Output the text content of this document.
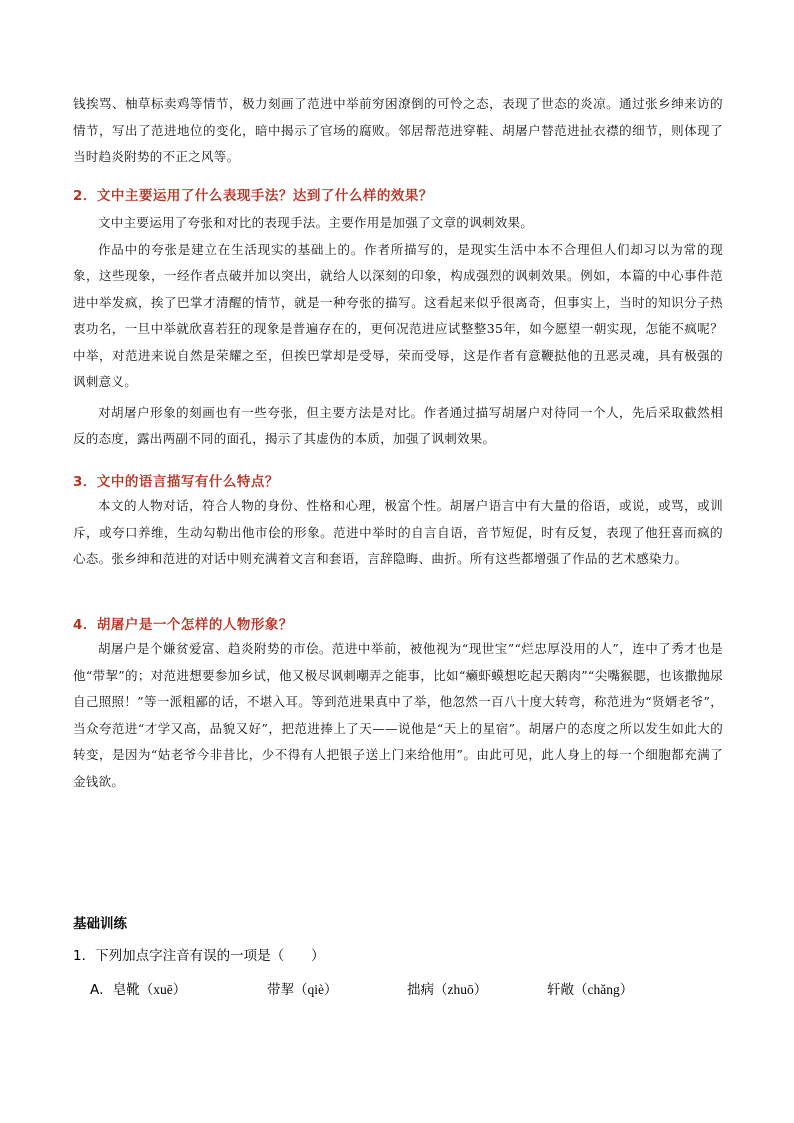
钱挨骂、柚草标卖鸡等情节，极力刻画了范进中举前穷困潦倒的可怜之态，表现了世态的炎凉。通过张乡绅来访的情节，写出了范进地位的变化，暗中揭示了官场的腐败。邻居帮范进穿鞋、胡屠户替范进扯衣襟的细节，则体现了当时趋炎附势的不正之风等。

2．文中主要运用了什么表现手法？达到了什么样的效果？

文中主要运用了夸张和对比的表现手法。主要作用是加强了文章的讽刺效果。

作品中的夸张是建立在生活现实的基础上的。作者所描写的，是现实生活中本不合理但人们却习以为常的现象，这些现象，一经作者点破并加以突出，就给人以深刻的印象，构成强烈的讽刺效果。例如，本篇的中心事件范进中举发疯，挨了巴掌才清醒的情节，就是一种夸张的描写。这看起来似乎很离奇，但事实上，当时的知识分子热衷功名，一旦中举就欣喜若狂的现象是普遍存在的，更何况范进应试整整35年，如今愿望一朝实现，怎能不疯呢？中举，对范进来说自然是荣耀之至，但挨巴掌却是受辱，荣而受辱，这是作者有意鞭挞他的丑恶灵魂，具有极强的讽刺意义。

对胡屠户形象的刻画也有一些夸张，但主要方法是对比。作者通过描写胡屠户对待同一个人，先后采取截然相反的态度，露出两副不同的面孔，揭示了其虚伪的本质，加强了讽刺效果。

3．文中的语言描写有什么特点？

本文的人物对话，符合人物的身份、性格和心理，极富个性。胡屠户语言中有大量的俗语，或说，或骂，或训斥，或夸口养维，生动勾勒出他市侩的形象。范进中举时的自言自语，音节短促，时有反复，表现了他狂喜而疯的心态。张乡绅和范进的对话中则充满着文言和套语，言辞隐晦、曲折。所有这些都增强了作品的艺术感染力。

4．胡屠户是一个怎样的人物形象？

胡屠户是个嫌贫爱富、趋炎附势的市侩。范进中举前，被他视为“现世宝”“烂忠厚没用的人”，连中了秀才也是他“带挈”的；对范进想要参加乡试，他又极尽讽刺嘲弄之能事，比如“癞虾蟆想吃起天鹅肉”“尖嘴猴腮，也该撒抛尿自己照照！”等一派粗鄙的话，不堪入耳。等到范进果真中了举，他忽然一百八十度大转弯，称范进为“贤婿老爷”，当众夸范进“才学又高，品貌又好”，把范进捧上了天——说他是“天上的星宿”。胡屠户的态度之所以发生如此大的转变，是因为“姑老爷今非昔比，少不得有人把银子送上门来给他用”。由此可见，此人身上的每一个细胞都充满了金钱欲。

基础训练

1．下列加点字注音有误的一项是（　　）

A．皂靴（xuē）	带挈（qiè）	拙病（zhuō）	轩敞（chǎng）
